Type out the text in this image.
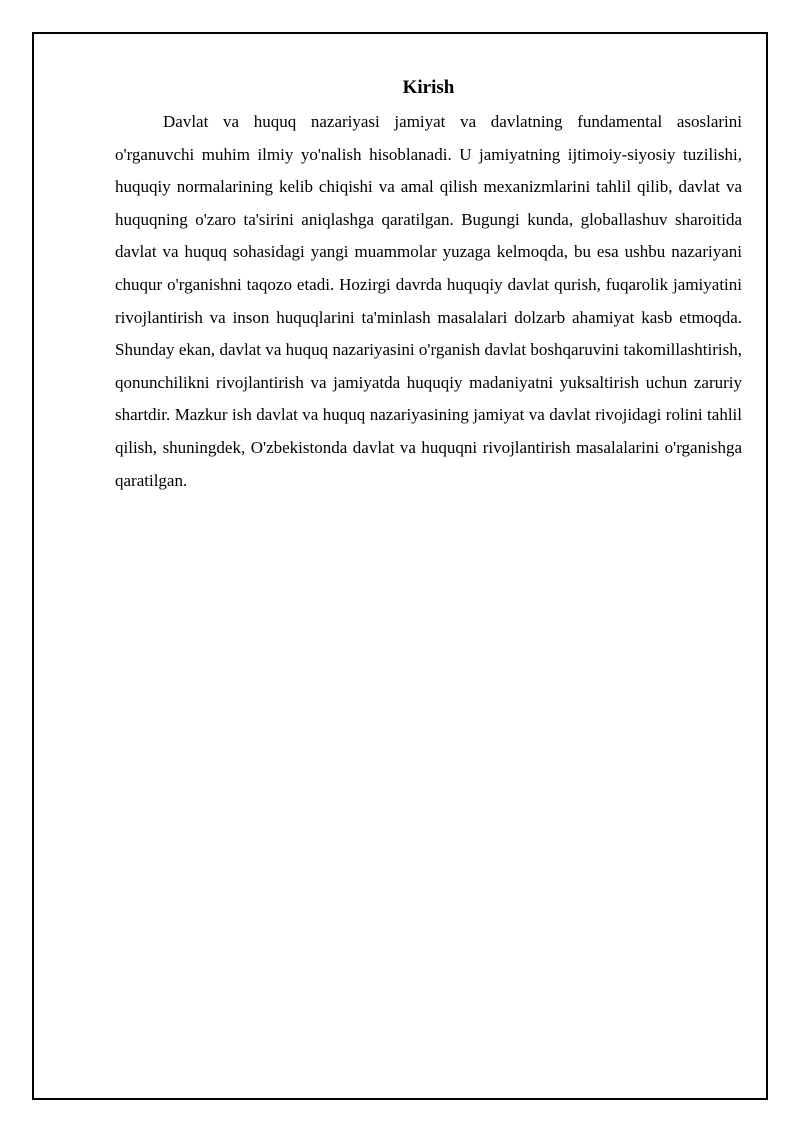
Kirish

Davlat va huquq nazariyasi jamiyat va davlatning fundamental asoslarini o'rganuvchi muhim ilmiy yo'nalish hisoblanadi. U jamiyatning ijtimoiy-siyosiy tuzilishi, huquqiy normalarining kelib chiqishi va amal qilish mexanizmlarini tahlil qilib, davlat va huquqning o'zaro ta'sirini aniqlashga qaratilgan. Bugungi kunda, globallashuv sharoitida davlat va huquq sohasidagi yangi muammolar yuzaga kelmoqda, bu esa ushbu nazariyani chuqur o'rganishni taqozo etadi. Hozirgi davrda huquqiy davlat qurish, fuqarolik jamiyatini rivojlantirish va inson huquqlarini ta'minlash masalalari dolzarb ahamiyat kasb etmoqda. Shunday ekan, davlat va huquq nazariyasini o'rganish davlat boshqaruvini takomillashtirish, qonunchilikni rivojlantirish va jamiyatda huquqiy madaniyatni yuksaltirish uchun zaruriy shartdir. Mazkur ish davlat va huquq nazariyasining jamiyat va davlat rivojidagi rolini tahlil qilish, shuningdek, O'zbekistonda davlat va huquqni rivojlantirish masalalarini o'rganishga qaratilgan.
